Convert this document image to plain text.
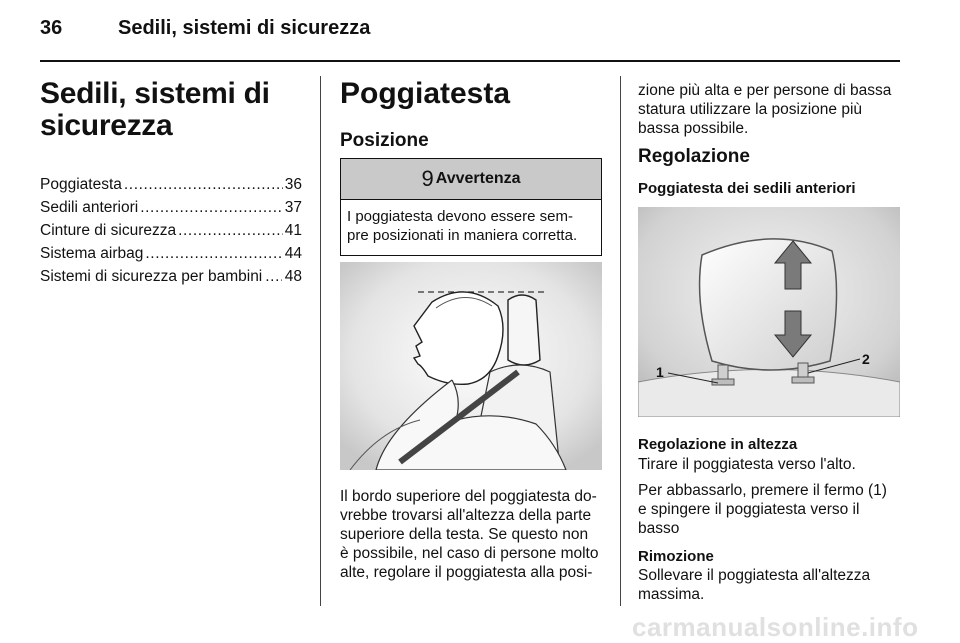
36	Sedili, sistemi di sicurezza
Sedili, sistemi di
sicurezza
Poggiatesta .....	36
Sedili anteriori .....	37
Cinture di sicurezza .....	41
Sistema airbag .....	44
Sistemi di sicurezza per bambini ..... 48
Poggiatesta
Posizione
9 Avvertenza
I poggiatesta devono essere sem-
pre posizionati in maniera corretta.
Il bordo superiore del poggiatesta do-
vrebbe trovarsi all'altezza della parte
superiore della testa. Se questo non
è possibile, nel caso di persone molto
alte, regolare il poggiatesta alla posi-
zione più alta e per persone di bassa
statura utilizzare la posizione più
bassa possibile.
Regolazione
Poggiatesta dei sedili anteriori
1
2
Regolazione in altezza
Tirare il poggiatesta verso l'alto.
Per abbassarlo, premere il fermo (1)
e spingere il poggiatesta verso il
basso
Rimozione
Sollevare il poggiatesta all'altezza
massima.
carmanualsonline.info
